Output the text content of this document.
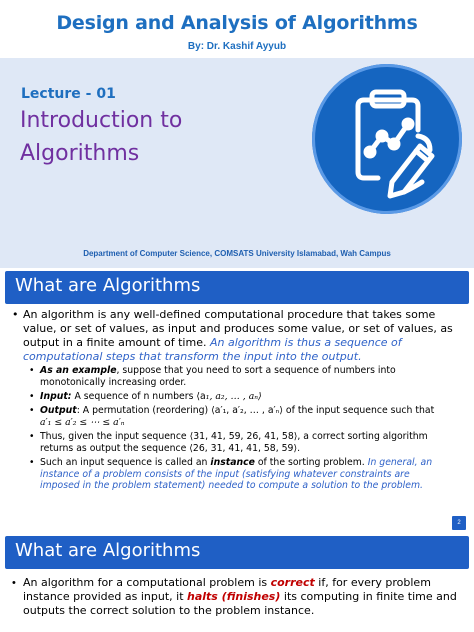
Design and Analysis of Algorithms
By: Dr. Kashif Ayyub
Lecture - 01
Introduction to
Algorithms
Department of Computer Science, COMSATS University Islamabad, Wah Campus
What are Algorithms
• An algorithm is any well-defined computational procedure that takes some
value, or set of values, as input and produces some value, or set of values, as
output in a finite amount of time. An algorithm is thus a sequence of
computational steps that transform the input into the output.
• As an example, suppose that you need to sort a sequence of numbers into
monotonically increasing order.
• Input: A sequence of n numbers ⟨a₁, a₂, … , aₙ⟩
• Output: A permutation (reordering) ⟨a′₁, a′₂, … , a′ₙ⟩ of the input sequence such that
a′₁ ≤ a′₂ ≤ ⋯ ≤ a′ₙ
• Thus, given the input sequence ⟨31, 41, 59, 26, 41, 58⟩, a correct sorting algorithm
returns as output the sequence ⟨26, 31, 41, 41, 58, 59⟩.
• Such an input sequence is called an instance of the sorting problem. In general, an
instance of a problem consists of the input (satisfying whatever constraints are
imposed in the problem statement) needed to compute a solution to the problem.
2
What are Algorithms
• An algorithm for a computational problem is correct if, for every problem
instance provided as input, it halts (finishes) its computing in finite time and
outputs the correct solution to the problem instance.
